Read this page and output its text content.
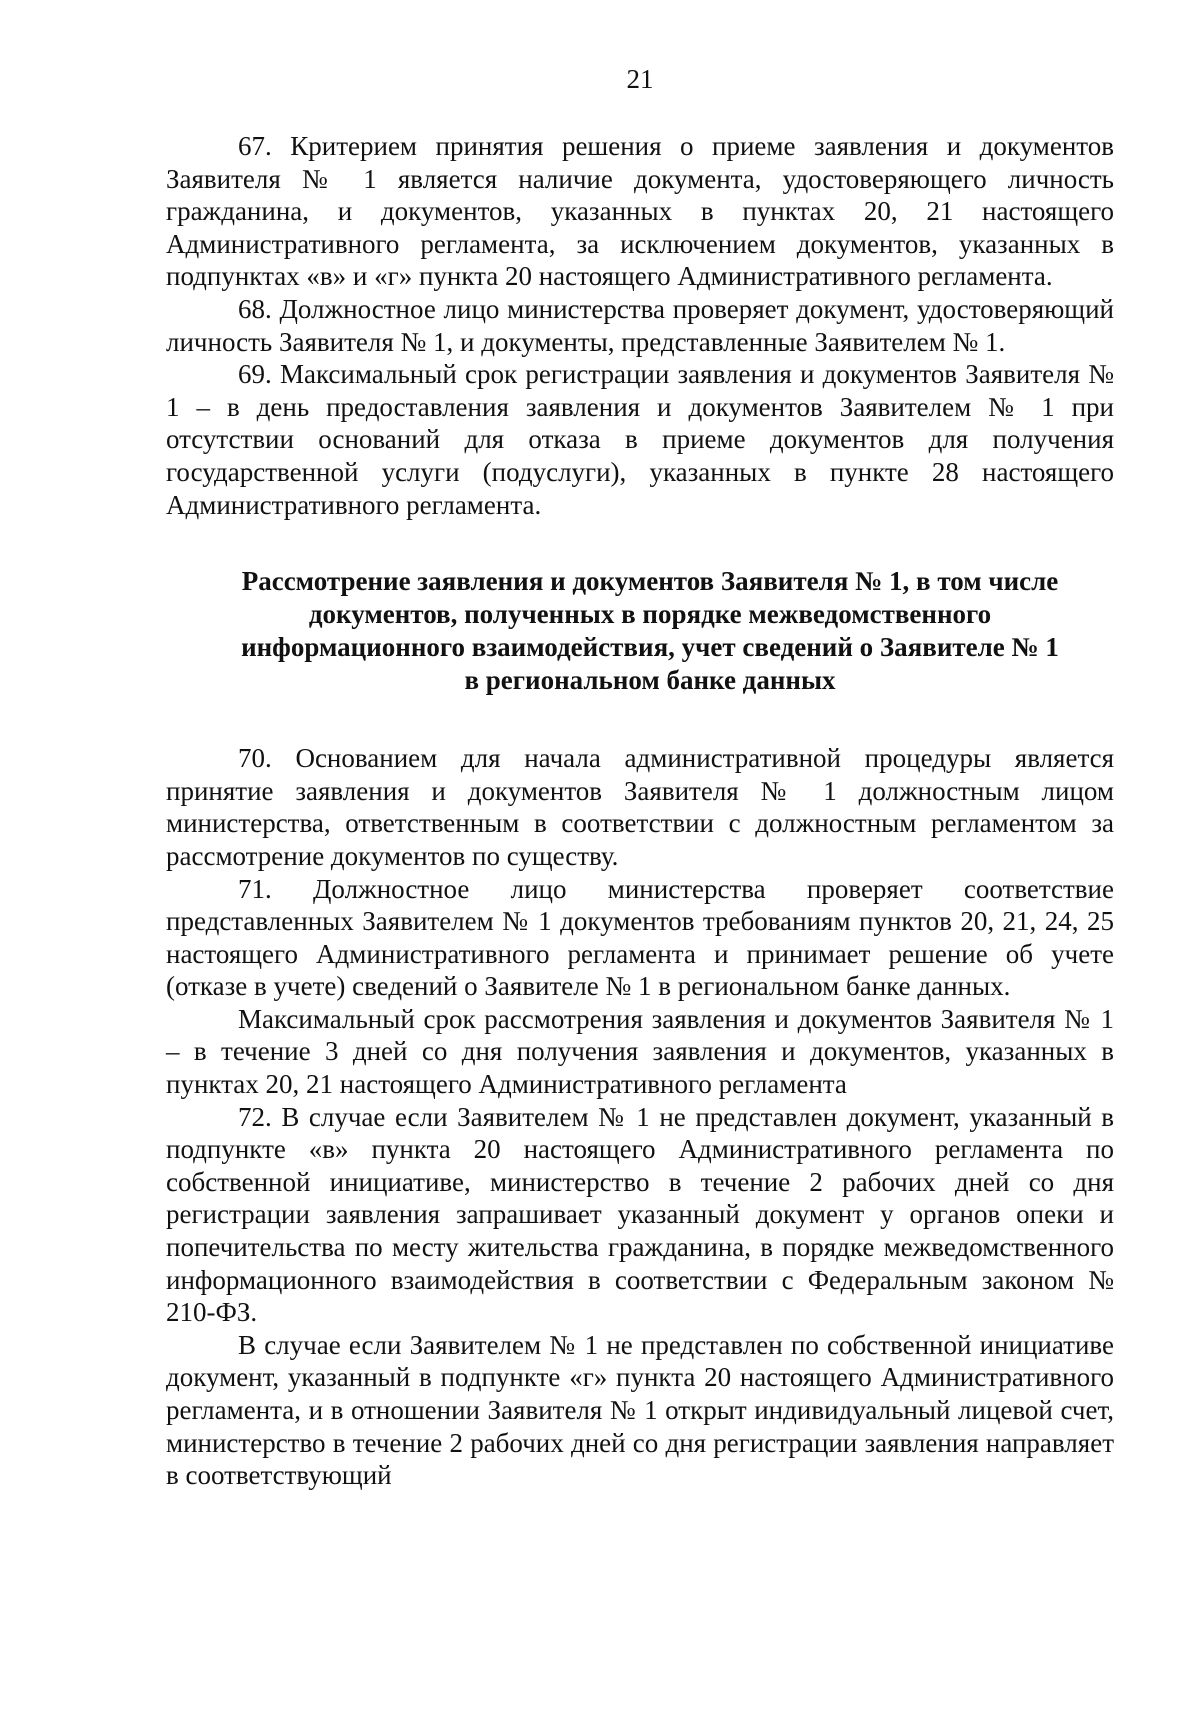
21

67. Критерием принятия решения о приеме заявления и документов Заявителя № 1 является наличие документа, удостоверяющего личность гражданина, и документов, указанных в пунктах 20, 21 настоящего Административного регламента, за исключением документов, указанных в подпунктах «в» и «г» пункта 20 настоящего Административного регламента.

68. Должностное лицо министерства проверяет документ, удостоверяющий личность Заявителя № 1, и документы, представленные Заявителем № 1.

69. Максимальный срок регистрации заявления и документов Заявителя № 1 – в день предоставления заявления и документов Заявителем № 1 при отсутствии оснований для отказа в приеме документов для получения государственной услуги (подуслуги), указанных в пункте 28 настоящего Административного регламента.

Рассмотрение заявления и документов Заявителя № 1, в том числе
документов, полученных в порядке межведомственного
информационного взаимодействия, учет сведений о Заявителе № 1
в региональном банке данных

70. Основанием для начала административной процедуры является принятие заявления и документов Заявителя № 1 должностным лицом министерства, ответственным в соответствии с должностным регламентом за рассмотрение документов по существу.

71. Должностное лицо министерства проверяет соответствие представленных Заявителем № 1 документов требованиям пунктов 20, 21, 24, 25 настоящего Административного регламента и принимает решение об учете (отказе в учете) сведений о Заявителе № 1 в региональном банке данных.

Максимальный срок рассмотрения заявления и документов Заявителя № 1 – в течение 3 дней со дня получения заявления и документов, указанных в пунктах 20, 21 настоящего Административного регламента

72. В случае если Заявителем № 1 не представлен документ, указанный в подпункте «в» пункта 20 настоящего Административного регламента по собственной инициативе, министерство в течение 2 рабочих дней со дня регистрации заявления запрашивает указанный документ у органов опеки и попечительства по месту жительства гражданина, в порядке межведомственного информационного взаимодействия в соответствии с Федеральным законом № 210-ФЗ.

В случае если Заявителем № 1 не представлен по собственной инициативе документ, указанный в подпункте «г» пункта 20 настоящего Административного регламента, и в отношении Заявителя № 1 открыт индивидуальный лицевой счет, министерство в течение 2 рабочих дней со дня регистрации заявления направляет в соответствующий
